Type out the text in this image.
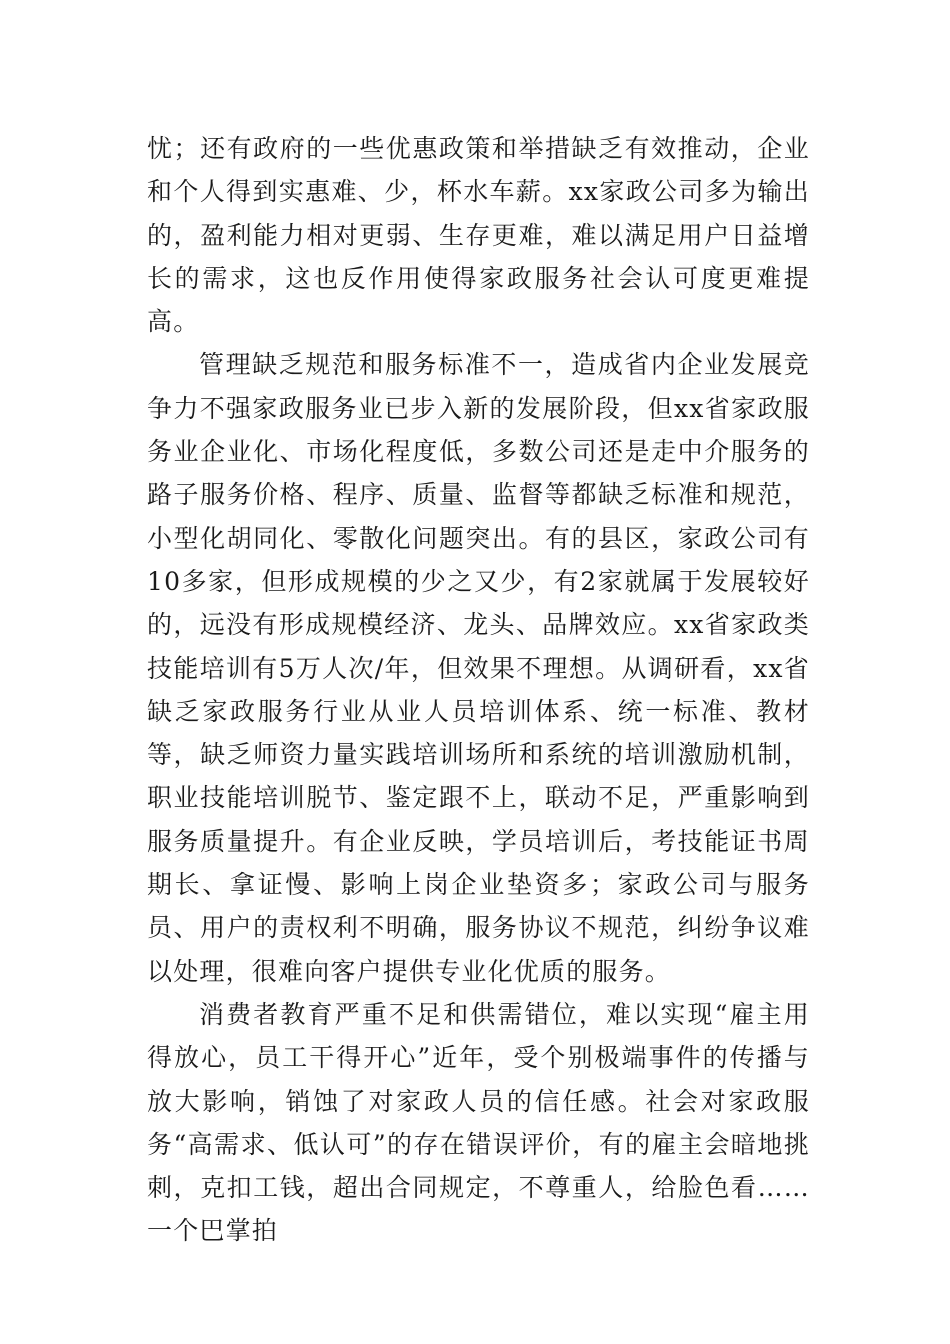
忧；还有政府的一些优惠政策和举措缺乏有效推动，企业和个人得到实惠难、少，杯水车薪。xx家政公司多为输出的，盈利能力相对更弱、生存更难，难以满足用户日益增长的需求，这也反作用使得家政服务社会认可度更难提高。

管理缺乏规范和服务标准不一，造成省内企业发展竞争力不强家政服务业已步入新的发展阶段，但xx省家政服务业企业化、市场化程度低，多数公司还是走中介服务的路子服务价格、程序、质量、监督等都缺乏标准和规范，小型化胡同化、零散化问题突出。有的县区，家政公司有10多家，但形成规模的少之又少，有2家就属于发展较好的，远没有形成规模经济、龙头、品牌效应。xx省家政类技能培训有5万人次/年，但效果不理想。从调研看，xx省缺乏家政服务行业从业人员培训体系、统一标准、教材等，缺乏师资力量实践培训场所和系统的培训激励机制，职业技能培训脱节、鉴定跟不上，联动不足，严重影响到服务质量提升。有企业反映，学员培训后，考技能证书周期长、拿证慢、影响上岗企业垫资多；家政公司与服务员、用户的责权利不明确，服务协议不规范，纠纷争议难以处理，很难向客户提供专业化优质的服务。

消费者教育严重不足和供需错位，难以实现“雇主用得放心，员工干得开心”近年，受个别极端事件的传播与放大影响，销蚀了对家政人员的信任感。社会对家政服务“高需求、低认可”的存在错误评价，有的雇主会暗地挑刺，克扣工钱，超出合同规定，不尊重人，给脸色看……一个巴掌拍
